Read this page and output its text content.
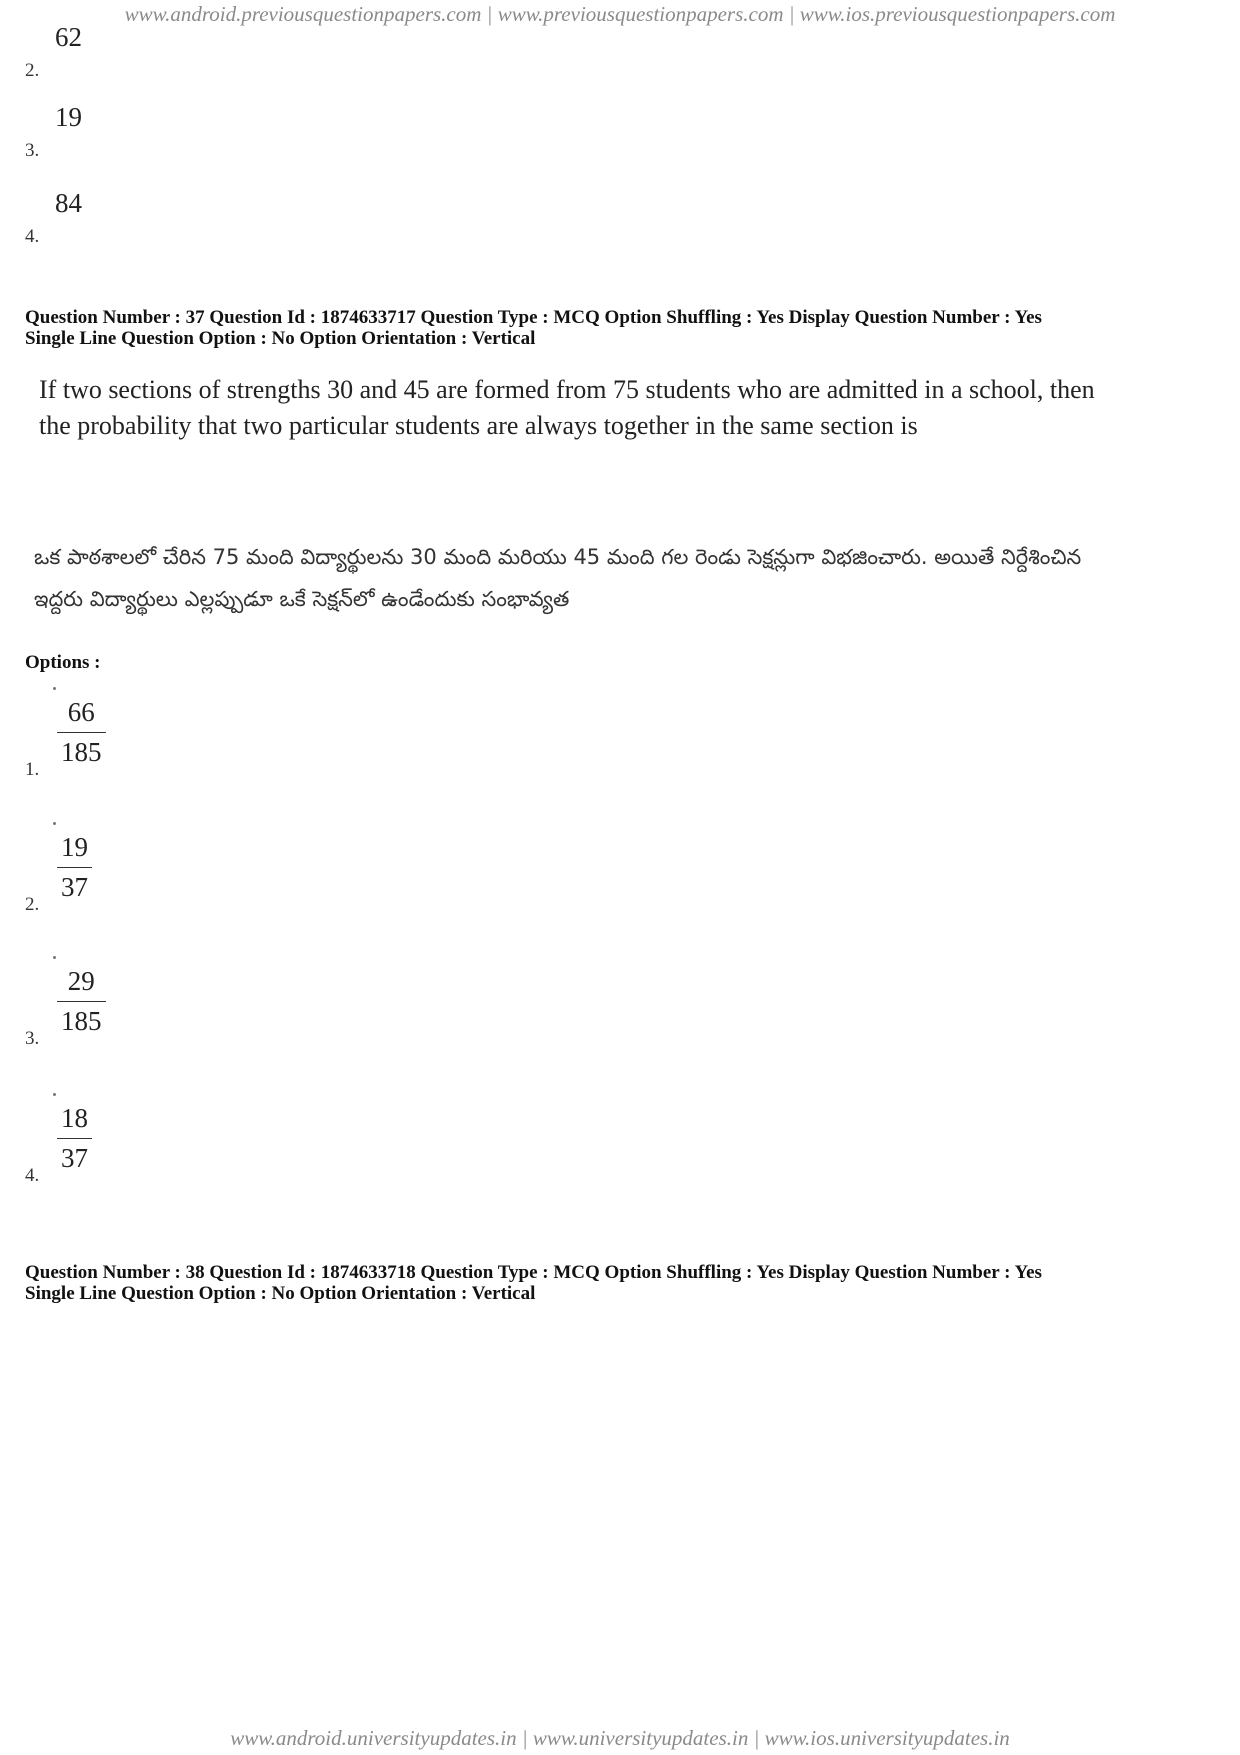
www.android.previousquestionpapers.com | www.previousquestionpapers.com | www.ios.previousquestionpapers.com
2.
62
3.
19
4.
84
Question Number : 37 Question Id : 1874633717 Question Type : MCQ Option Shuffling : Yes Display Question Number : Yes
Single Line Question Option : No Option Orientation : Vertical
If two sections of strengths 30 and 45 are formed from 75 students who are admitted in a school, then the probability that two particular students are always together in the same section is
ఒక పాఠశాలలో చేరిన 75 మంది విద్యార్థులను 30 మంది మరియు 45 మంది గల రెండు సెక్షన్లుగా విభజించారు. అయితే నిర్దేశించిన ఇద్దరు విద్యార్థులు ఎల్లప్పుడూ ఒకే సెక్షన్‌లో ఉండేందుకు సంభావ్యత
Options :
1.
66
185
2.
19
37
3.
29
185
4.
18
37
Question Number : 38 Question Id : 1874633718 Question Type : MCQ Option Shuffling : Yes Display Question Number : Yes
Single Line Question Option : No Option Orientation : Vertical
www.android.universityupdates.in | www.universityupdates.in | www.ios.universityupdates.in
